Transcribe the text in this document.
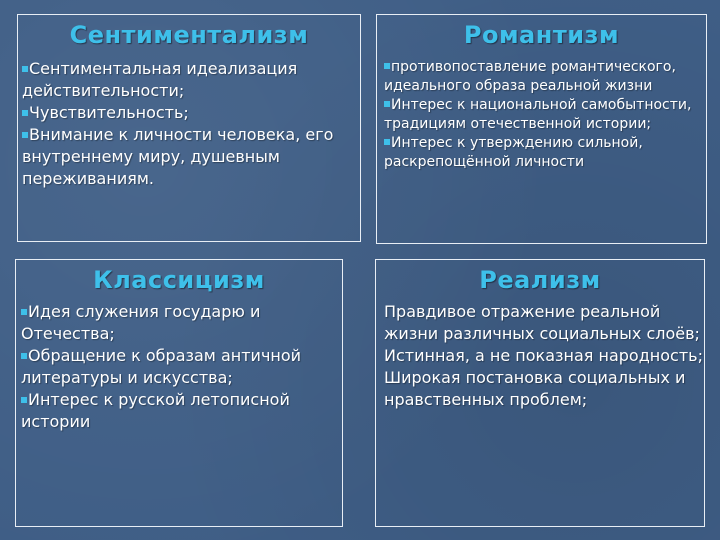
Сентиментализм

Сентиментальная идеализация действительности;

Чувствительность;

Внимание к личности человека, его внутреннему миру, душевным переживаниям.

Романтизм

противопоставление романтического, идеального образа реальной жизни

Интерес к национальной самобытности, традициям отечественной истории;

Интерес к утверждению сильной, раскрепощённой личности

Классицизм

Идея служения государю и Отечества;

Обращение к образам античной литературы и искусства;

Интерес к русской летописной истории

Реализм

Правдивое отражение реальной жизни различных социальных слоёв;

Истинная, а не показная народность;

Широкая постановка социальных и нравственных проблем;
